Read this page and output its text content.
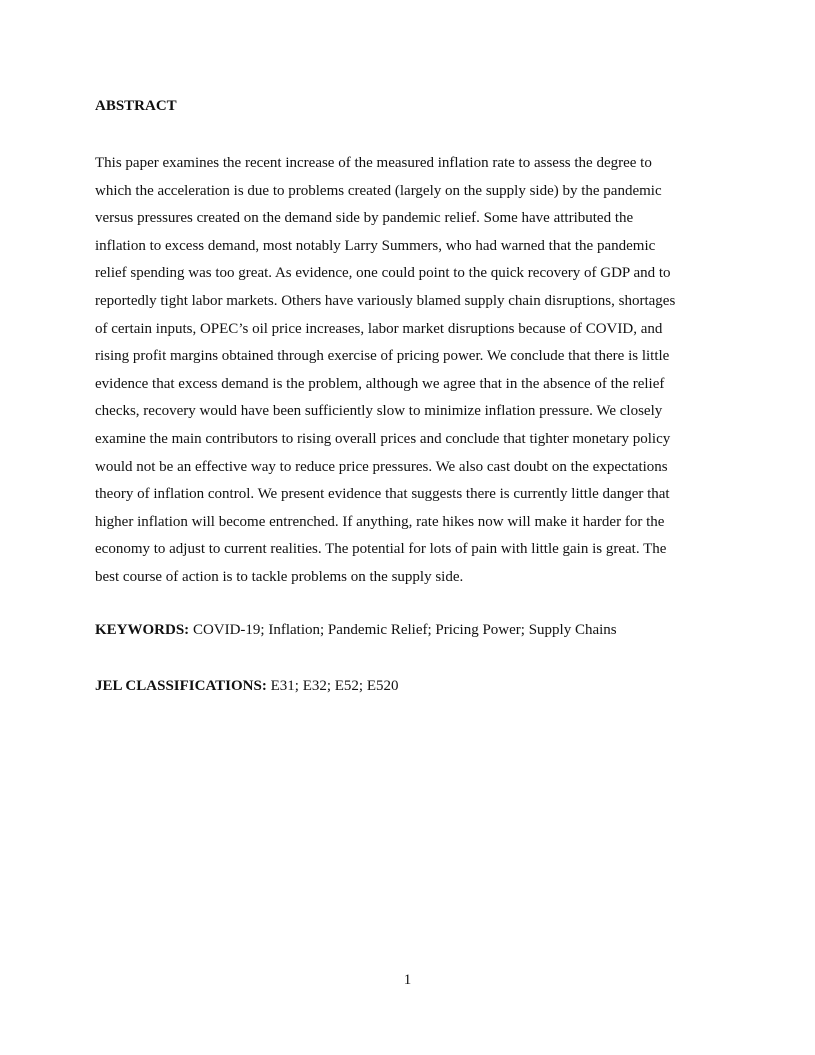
ABSTRACT
This paper examines the recent increase of the measured inflation rate to assess the degree to
which the acceleration is due to problems created (largely on the supply side) by the pandemic
versus pressures created on the demand side by pandemic relief. Some have attributed the
inflation to excess demand, most notably Larry Summers, who had warned that the pandemic
relief spending was too great. As evidence, one could point to the quick recovery of GDP and to
reportedly tight labor markets. Others have variously blamed supply chain disruptions, shortages
of certain inputs, OPEC’s oil price increases, labor market disruptions because of COVID, and
rising profit margins obtained through exercise of pricing power. We conclude that there is little
evidence that excess demand is the problem, although we agree that in the absence of the relief
checks, recovery would have been sufficiently slow to minimize inflation pressure. We closely
examine the main contributors to rising overall prices and conclude that tighter monetary policy
would not be an effective way to reduce price pressures. We also cast doubt on the expectations
theory of inflation control. We present evidence that suggests there is currently little danger that
higher inflation will become entrenched. If anything, rate hikes now will make it harder for the
economy to adjust to current realities. The potential for lots of pain with little gain is great. The
best course of action is to tackle problems on the supply side.

KEYWORDS: COVID-19; Inflation; Pandemic Relief; Pricing Power; Supply Chains

JEL CLASSIFICATIONS: E31; E32; E52; E520

1
